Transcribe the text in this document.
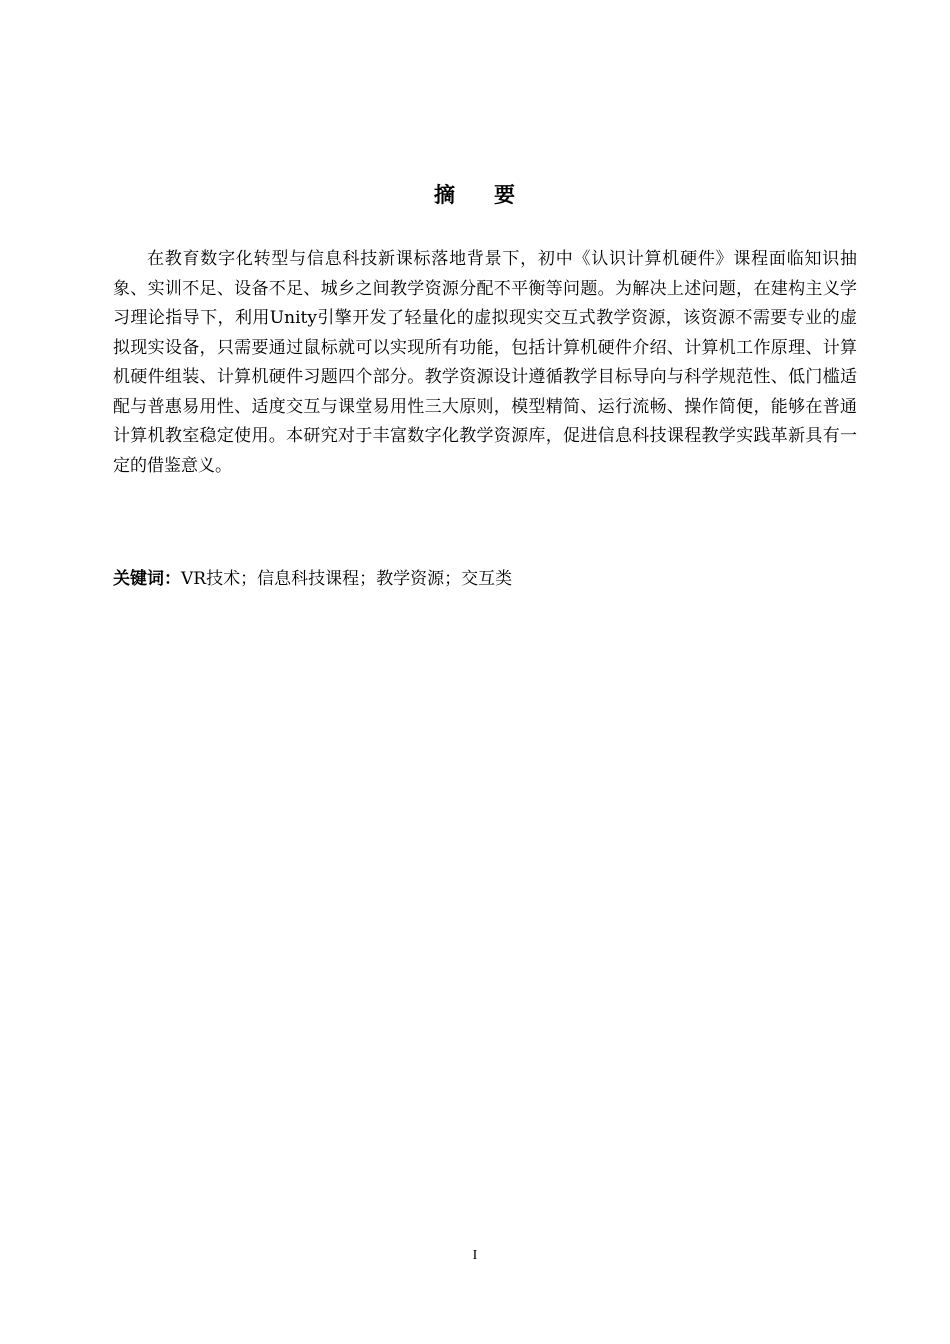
摘 要

在教育数字化转型与信息科技新课标落地背景下，初中《认识计算机硬件》课程面临知识抽象、实训不足、设备不足、城乡之间教学资源分配不平衡等问题。为解决上述问题，在建构主义学习理论指导下，利用Unity引擎开发了轻量化的虚拟现实交互式教学资源，该资源不需要专业的虚拟现实设备，只需要通过鼠标就可以实现所有功能，包括计算机硬件介绍、计算机工作原理、计算机硬件组装、计算机硬件习题四个部分。教学资源设计遵循教学目标导向与科学规范性、低门槛适配与普惠易用性、适度交互与课堂易用性三大原则，模型精简、运行流畅、操作简便，能够在普通计算机教室稳定使用。本研究对于丰富数字化教学资源库，促进信息科技课程教学实践革新具有一定的借鉴意义。

关键词：VR技术；信息科技课程；教学资源；交互类

I
